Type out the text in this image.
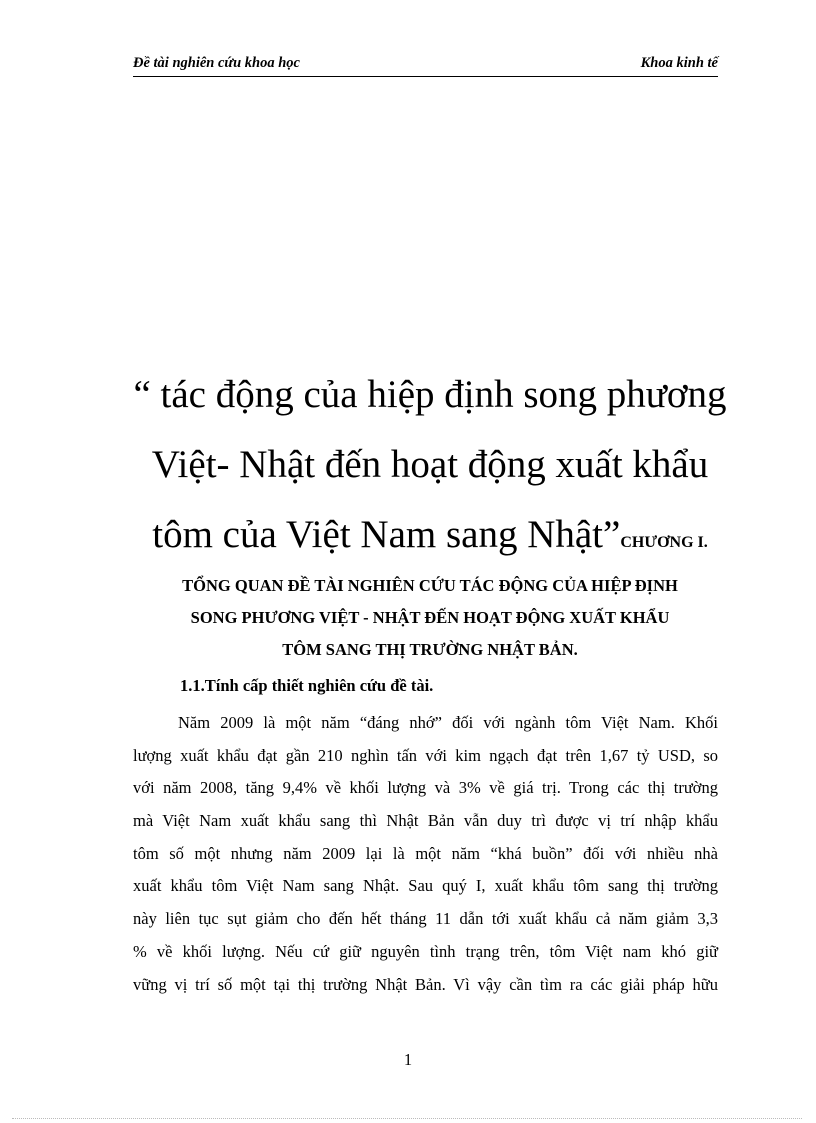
Đề tài nghiên cứu khoa học	Khoa kinh tế
“ tác động của hiệp định song phương
Việt- Nhật đến hoạt động xuất khẩu
tôm của Việt Nam sang Nhật”CHƯƠNG I.
TỔNG QUAN ĐỀ TÀI NGHIÊN CỨU TÁC ĐỘNG CỦA HIỆP ĐỊNH
SONG PHƯƠNG VIỆT - NHẬT ĐẾN HOẠT ĐỘNG XUẤT KHẨU
TÔM SANG THỊ TRƯỜNG NHẬT BẢN.
1.1.Tính cấp thiết nghiên cứu đề tài.
Năm 2009 là một năm “đáng nhớ” đối với ngành tôm Việt Nam. Khối
lượng xuất khẩu đạt gần 210 nghìn tấn với kim ngạch đạt trên 1,67 tỷ USD, so
với năm 2008, tăng 9,4% về khối lượng và 3% về giá trị. Trong các thị trường
mà Việt Nam xuất khẩu sang thì Nhật Bản vẫn duy trì được vị trí nhập khẩu
tôm số một nhưng năm 2009 lại là một năm “khá buồn” đối với nhiều nhà
xuất khẩu tôm Việt Nam sang Nhật. Sau quý I, xuất khẩu tôm sang thị trường
này liên tục sụt giảm cho đến hết tháng 11 dẫn tới xuất khẩu cả năm giảm 3,3
% về khối lượng. Nếu cứ giữ nguyên tình trạng trên, tôm Việt nam khó giữ
vững vị trí số một tại thị trường Nhật Bản. Vì vậy cần tìm ra các giải pháp hữu
1
